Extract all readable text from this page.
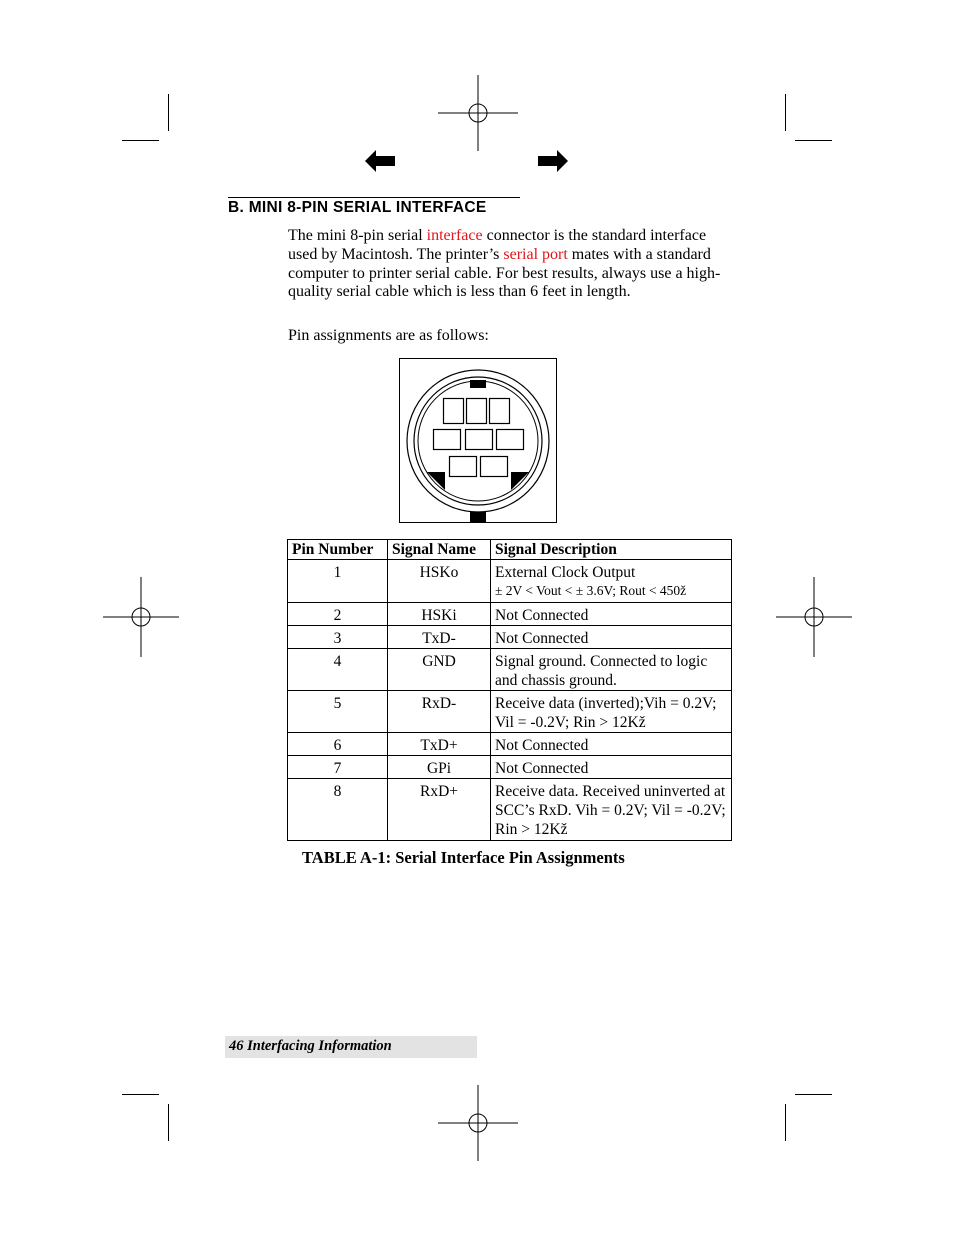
B. MINI 8-PIN SERIAL INTERFACE

The mini 8-pin serial interface connector is the standard interface used by Macintosh. The printer’s serial port mates with a standard computer to printer serial cable. For best results, always use a high-quality serial cable which is less than 6 feet in length.

Pin assignments are as follows:

Pin Number	Signal Name	Signal Description
1	HSKo	External Clock Output
± 2V < Vout < ± 3.6V; Rout < 450ž

2	HSKi	Not Connected
3	TxD-	Not Connected
4	GND	Signal ground. Connected to logic and chassis ground.
5	RxD-	Receive data (inverted);Vih = 0.2V; Vil = -0.2V; Rin > 12Kž
6	TxD+	Not Connected
7	GPi	Not Connected
8	RxD+	Receive data. Received uninverted at SCC’s RxD. Vih = 0.2V; Vil = -0.2V; Rin > 12Kž

TABLE A-1: Serial Interface Pin Assignments

46 Interfacing Information
